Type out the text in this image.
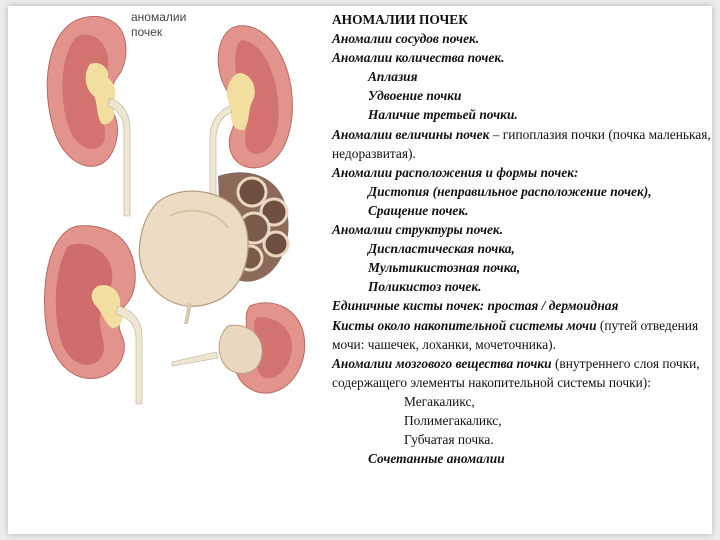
аномалии
почек
АНОМАЛИИ ПОЧЕК
Аномалии сосудов почек.
Аномалии количества почек.
Аплазия
Удвоение почки
Наличие третьей почки.
Аномалии величины почек – гипоплазия почки (почка маленькая, недоразвитая).
Аномалии расположения и формы почек:
Дистопия (неправильное расположение почек),
Сращение почек.
Аномалии структуры почек.
Диспластическая почка,
Мультикистозная почка,
Поликистоз почек.
Единичные кисты почек: простая / дермоидная
Кисты около накопительной системы мочи (путей отведения мочи: чашечек, лоханки, мочеточника).
Аномалии мозгового вещества почки (внутреннего слоя почки, содержащего элементы накопительной системы почки):
Мегакаликс,
Полимегакаликс,
Губчатая почка.
Сочетанные аномалии
